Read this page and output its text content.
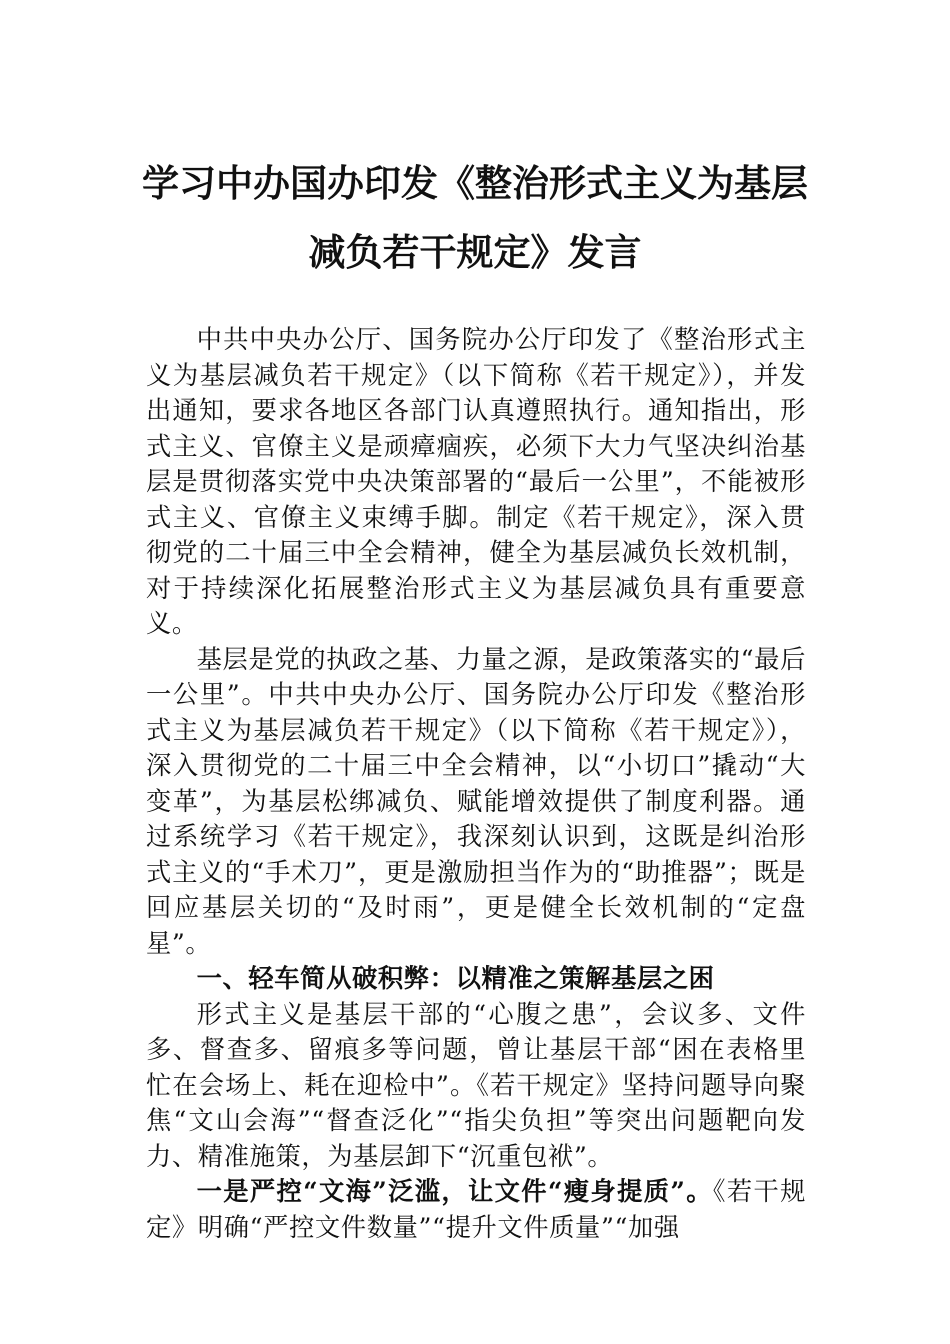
学习中办国办印发《整治形式主义为基层
减负若干规定》发言

中共中央办公厅、国务院办公厅印发了《整治形式主义为基层减负若干规定》（以下简称《若干规定》），并发出通知，要求各地区各部门认真遵照执行。通知指出，形式主义、官僚主义是顽瘴痼疾，必须下大力气坚决纠治基层是贯彻落实党中央决策部署的“最后一公里”，不能被形式主义、官僚主义束缚手脚。制定《若干规定》，深入贯彻党的二十届三中全会精神，健全为基层减负长效机制，对于持续深化拓展整治形式主义为基层减负具有重要意义。

基层是党的执政之基、力量之源，是政策落实的“最后一公里”。中共中央办公厅、国务院办公厅印发《整治形式主义为基层减负若干规定》（以下简称《若干规定》），深入贯彻党的二十届三中全会精神，以“小切口”撬动“大变革”，为基层松绑减负、赋能增效提供了制度利器。通过系统学习《若干规定》，我深刻认识到，这既是纠治形式主义的“手术刀”，更是激励担当作为的“助推器”；既是回应基层关切的“及时雨”，更是健全长效机制的“定盘星”。

一、轻车简从破积弊：以精准之策解基层之困

形式主义是基层干部的“心腹之患”，会议多、文件多、督查多、留痕多等问题，曾让基层干部“困在表格里忙在会场上、耗在迎检中”。《若干规定》坚持问题导向聚焦“文山会海”“督查泛化”“指尖负担”等突出问题靶向发力、精准施策，为基层卸下“沉重包袱”。

一是严控“文海”泛滥，让文件“瘦身提质”。《若干规定》明确“严控文件数量”“提升文件质量”“加强
